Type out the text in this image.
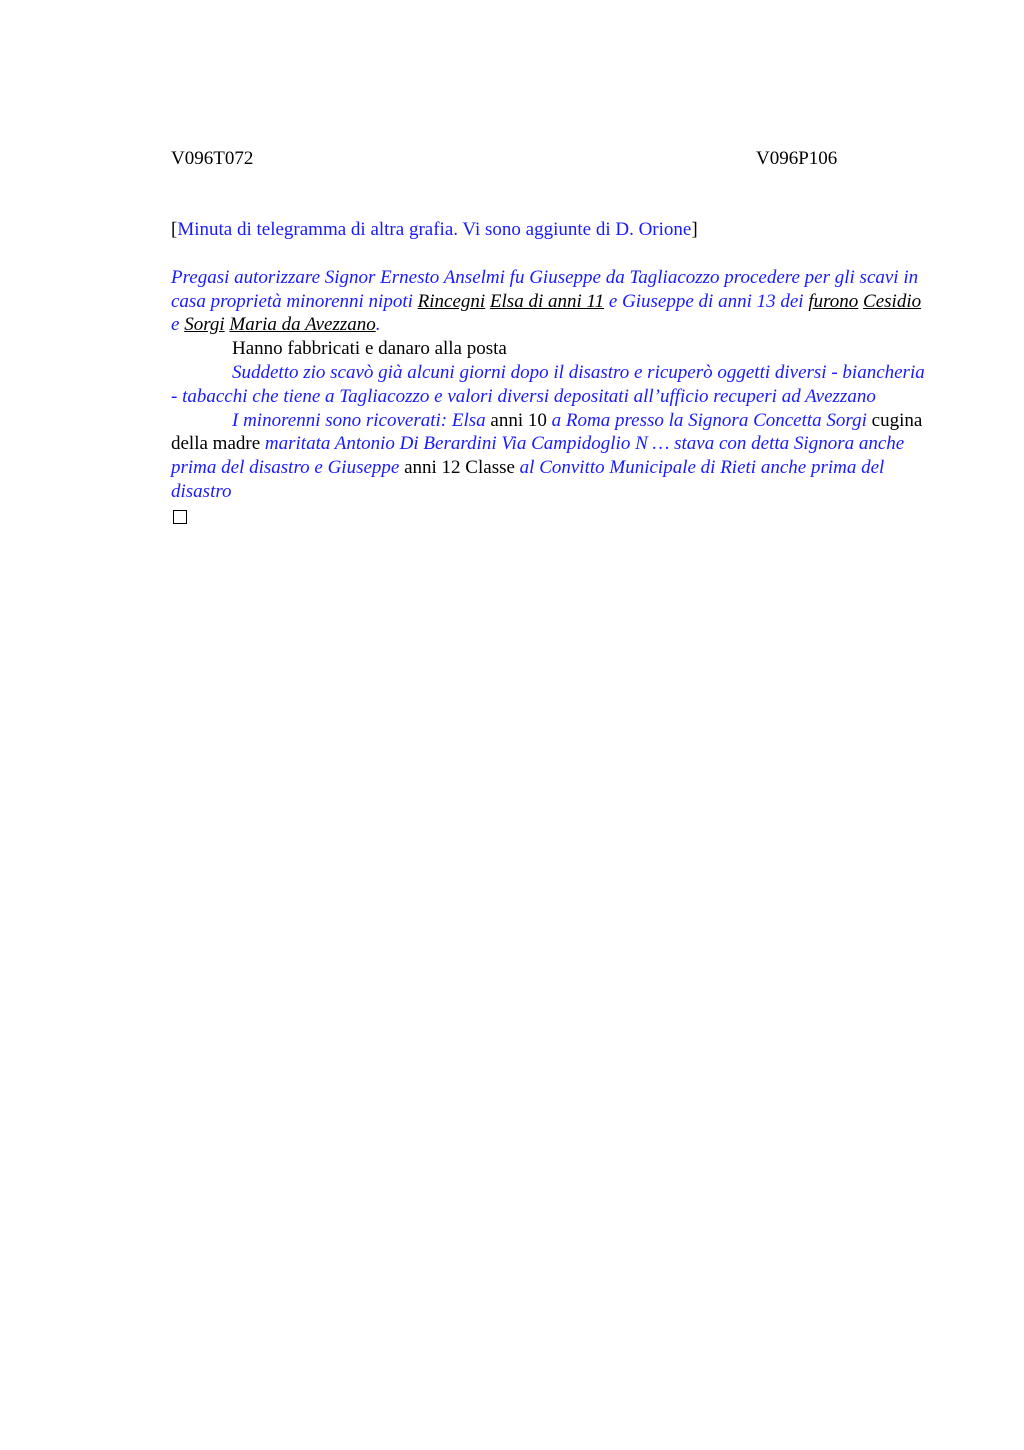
V096T072	V096P106

[Minuta di telegramma di altra grafia. Vi sono aggiunte di D. Orione]

Pregasi autorizzare Signor Ernesto Anselmi fu Giuseppe da Tagliacozzo procedere per gli scavi in casa proprietà minorenni nipoti Rincegni Elsa di anni 11 e Giuseppe di anni 13 dei furono Cesidio e Sorgi Maria da Avezzano.

Hanno fabbricati e danaro alla posta

Suddetto zio scavò già alcuni giorni dopo il disastro e ricuperò oggetti diversi - biancheria - tabacchi che tiene a Tagliacozzo e valori diversi depositati all’ufficio recuperi ad Avezzano

I minorenni sono ricoverati: Elsa anni 10 a Roma presso la Signora Concetta Sorgi cugina della madre maritata Antonio Di Berardini Via Campidoglio N … stava con detta Signora anche prima del disastro e Giuseppe anni 12 Classe al Convitto Municipale di Rieti anche prima del disastro
